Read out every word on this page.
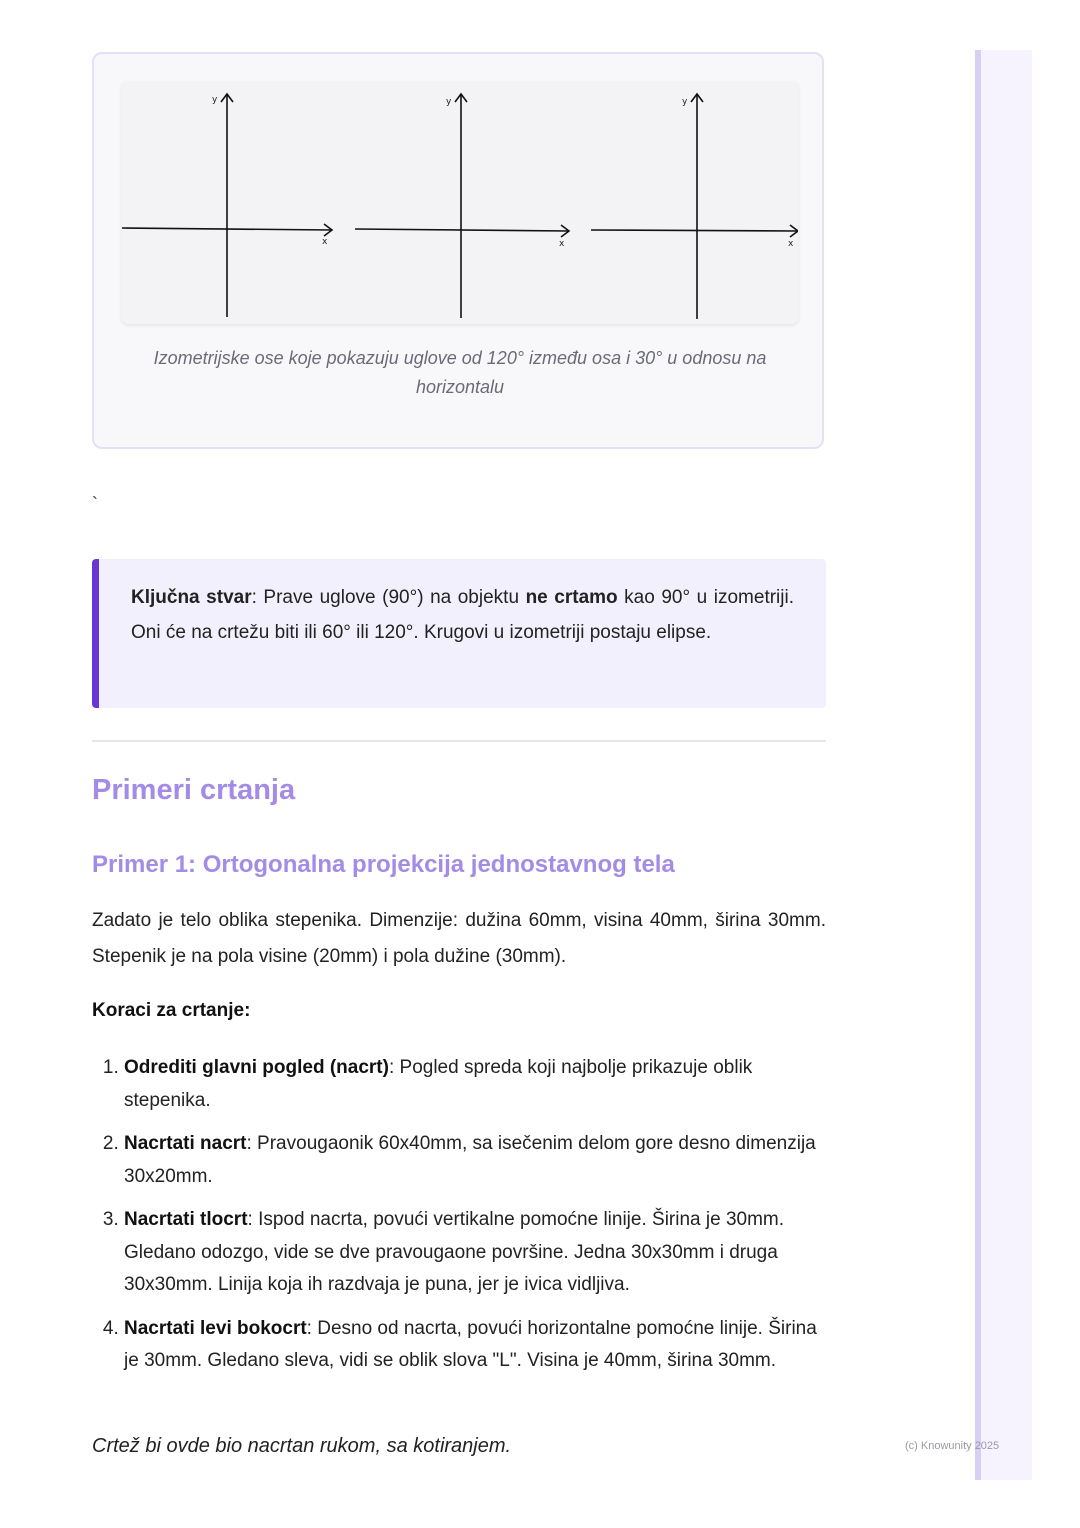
y
x
y
x
y
x
Izometrijske ose koje pokazuju uglove od 120° između osa i 30° u odnosu na horizontalu
`

Ključna stvar: Prave uglove (90°) na objektu ne crtamo kao 90° u izometriji. Oni će na crtežu biti ili 60° ili 120°. Krugovi u izometriji postaju elipse.

Primeri crtanja
Primer 1: Ortogonalna projekcija jednostavnog tela

Zadato je telo oblika stepenika. Dimenzije: dužina 60mm, visina 40mm, širina 30mm. Stepenik je na pola visine (20mm) i pola dužine (30mm).

Koraci za crtanje:

1. Odrediti glavni pogled (nacrt): Pogled spreda koji najbolje prikazuje oblik stepenika.
2. Nacrtati nacrt: Pravougaonik 60x40mm, sa isečenim delom gore desno dimenzija 30x20mm.
3. Nacrtati tlocrt: Ispod nacrta, povući vertikalne pomoćne linije. Širina je 30mm. Gledano odozgo, vide se dve pravougaone površine. Jedna 30x30mm i druga 30x30mm. Linija koja ih razdvaja je puna, jer je ivica vidljiva.
4. Nacrtati levi bokocrt: Desno od nacrta, povući horizontalne pomoćne linije. Širina je 30mm. Gledano sleva, vidi se oblik slova "L". Visina je 40mm, širina 30mm.

Crtež bi ovde bio nacrtan rukom, sa kotiranjem.	(c) Knowunity 2025
